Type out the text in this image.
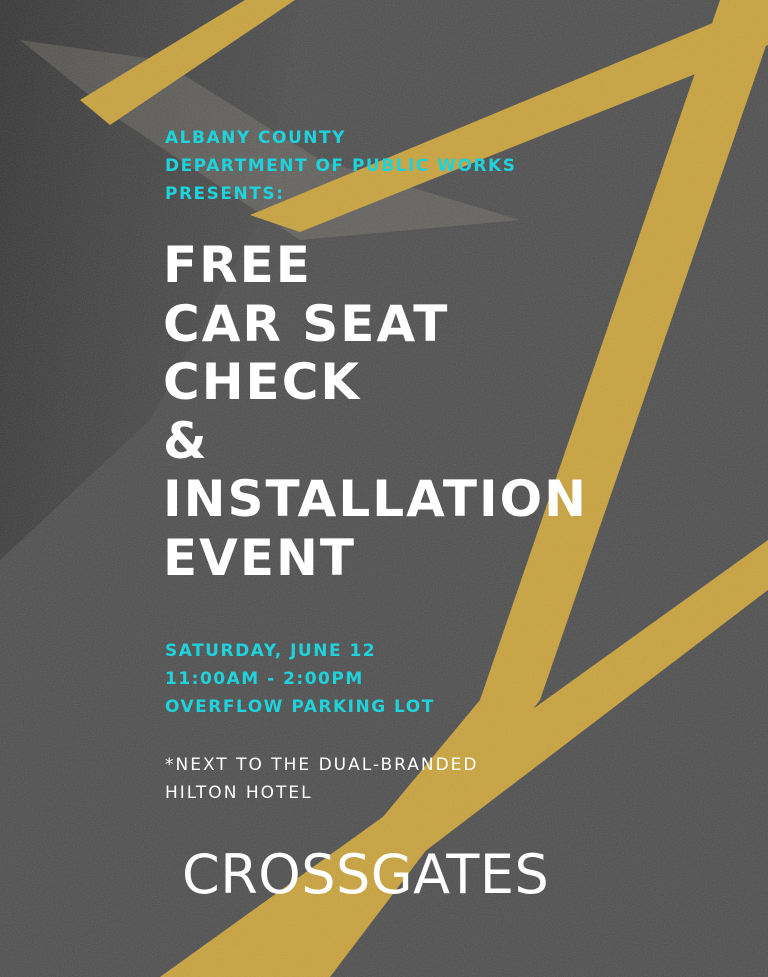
ALBANY COUNTY
DEPARTMENT OF PUBLIC WORKS
PRESENTS:
FREE
CAR SEAT
CHECK
&
INSTALLATION
EVENT
SATURDAY, JUNE 12
11:00AM - 2:00PM
OVERFLOW PARKING LOT
*NEXT TO THE DUAL-BRANDED
HILTON HOTEL
CROSSGATES
